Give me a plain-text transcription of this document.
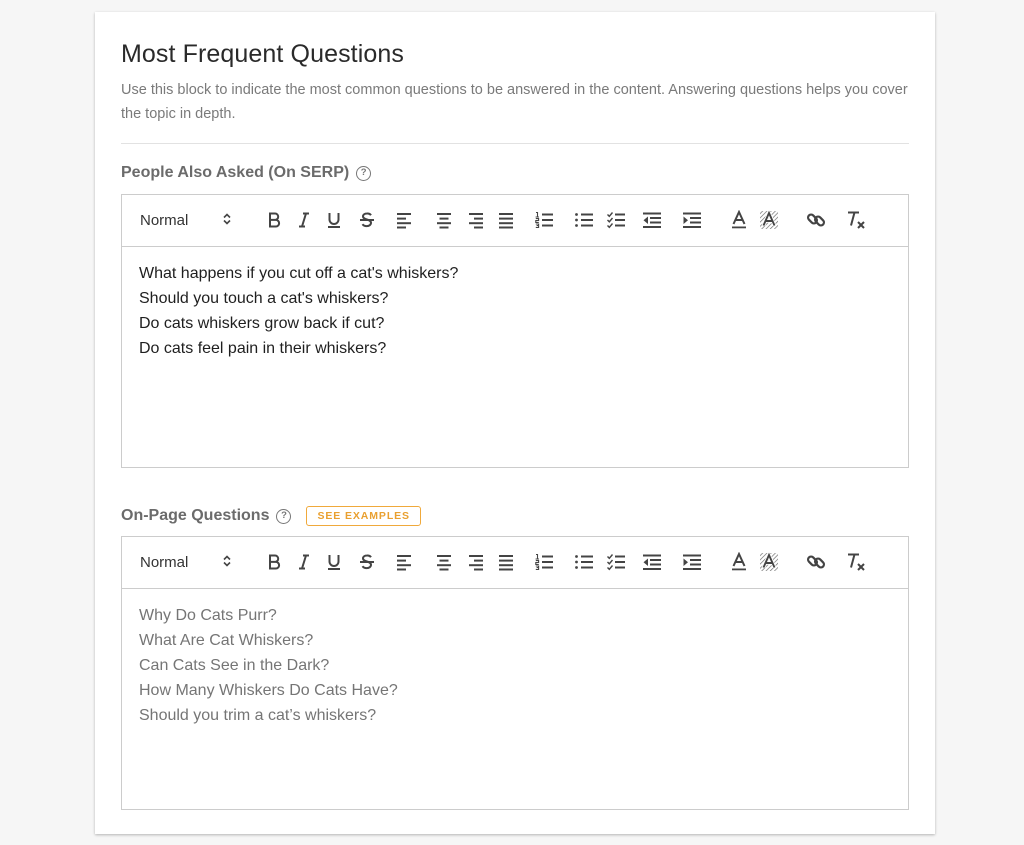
Most Frequent Questions

Use this block to indicate the most common questions to be answered in the content. Answering questions helps you cover the topic in depth.

People Also Asked (On SERP)	?
Normal

What happens if you cut off a cat's whiskers?

Should you touch a cat's whiskers?

Do cats whiskers grow back if cut?

Do cats feel pain in their whiskers?

On-Page Questions	?	SEE EXAMPLES
Normal

Why Do Cats Purr?

What Are Cat Whiskers?

Can Cats See in the Dark?

How Many Whiskers Do Cats Have?

Should you trim a cat’s whiskers?
